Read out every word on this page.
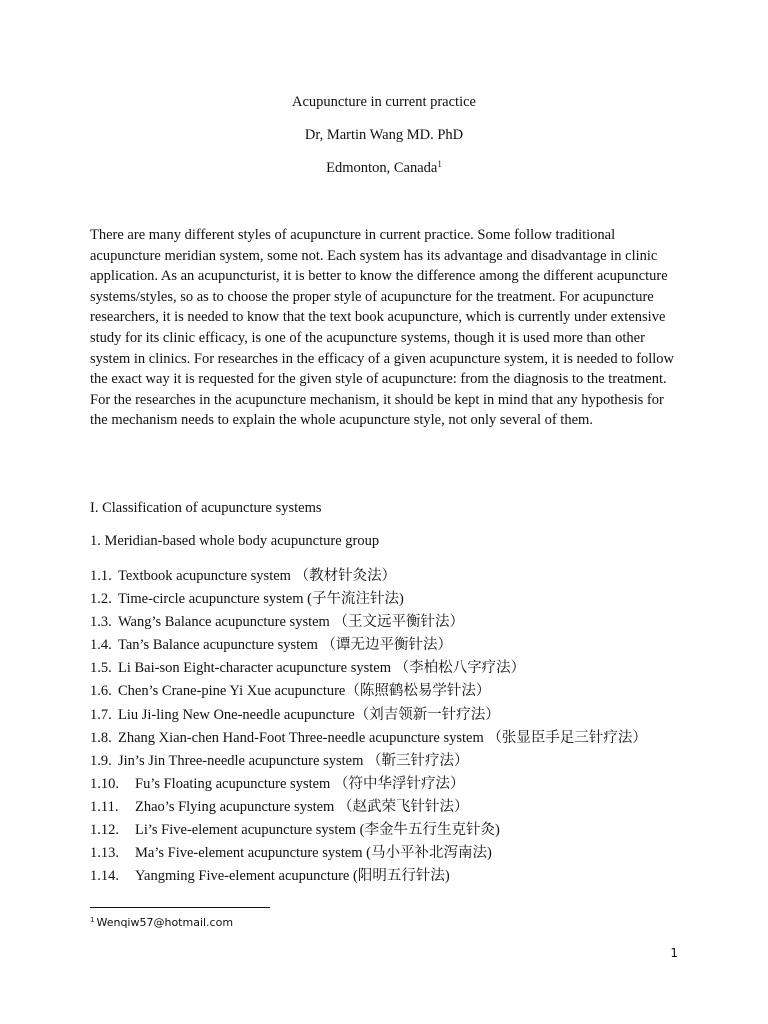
Acupuncture in current practice
Dr, Martin Wang MD. PhD
Edmonton, Canada$^1$

There are many different styles of acupuncture in current practice. Some follow traditional acupuncture meridian system, some not. Each system has its advantage and disadvantage in clinic application. As an acupuncturist, it is better to know the difference among the different acupuncture systems/styles, so as to choose the proper style of acupuncture for the treatment. For acupuncture researchers, it is needed to know that the text book acupuncture, which is currently under extensive study for its clinic efficacy, is one of the acupuncture systems, though it is used more than other system in clinics. For researches in the efficacy of a given acupuncture system, it is needed to follow the exact way it is requested for the given style of acupuncture: from the diagnosis to the treatment. For the researches in the acupuncture mechanism, it should be kept in mind that any hypothesis for the mechanism needs to explain the whole acupuncture style, not only several of them.

I. Classification of acupuncture systems

1. Meridian-based whole body acupuncture group

1.1. Textbook acupuncture system （教材针灸法）
1.2. Time-circle acupuncture system (子午流注针法)
1.3. Wang’s Balance acupuncture system （王文远平衡针法）
1.4. Tan’s Balance acupuncture system （谭无边平衡针法）
1.5. Li Bai-son Eight-character acupuncture system （李柏松八字疗法）
1.6. Chen’s Crane-pine Yi Xue acupuncture（陈照鹤松易学针法）
1.7. Liu Ji-ling New One-needle acupuncture（刘吉领新一针疗法）
1.8. Zhang Xian-chen Hand-Foot Three-needle acupuncture system （张显臣手足三针疗法）
1.9. Jin’s Jin Three-needle acupuncture system （靳三针疗法）
1.10. Fu’s Floating acupuncture system （符中华浮针疗法）
1.11. Zhao’s Flying acupuncture system （赵武荣飞针针法）
1.12. Li’s Five-element acupuncture system (李金牛五行生克针灸)
1.13. Ma’s Five-element acupuncture system (马小平补北泻南法)
1.14. Yangming Five-element acupuncture (阳明五行针法)
$^1$ Wenqiw57@hotmail.com
1
